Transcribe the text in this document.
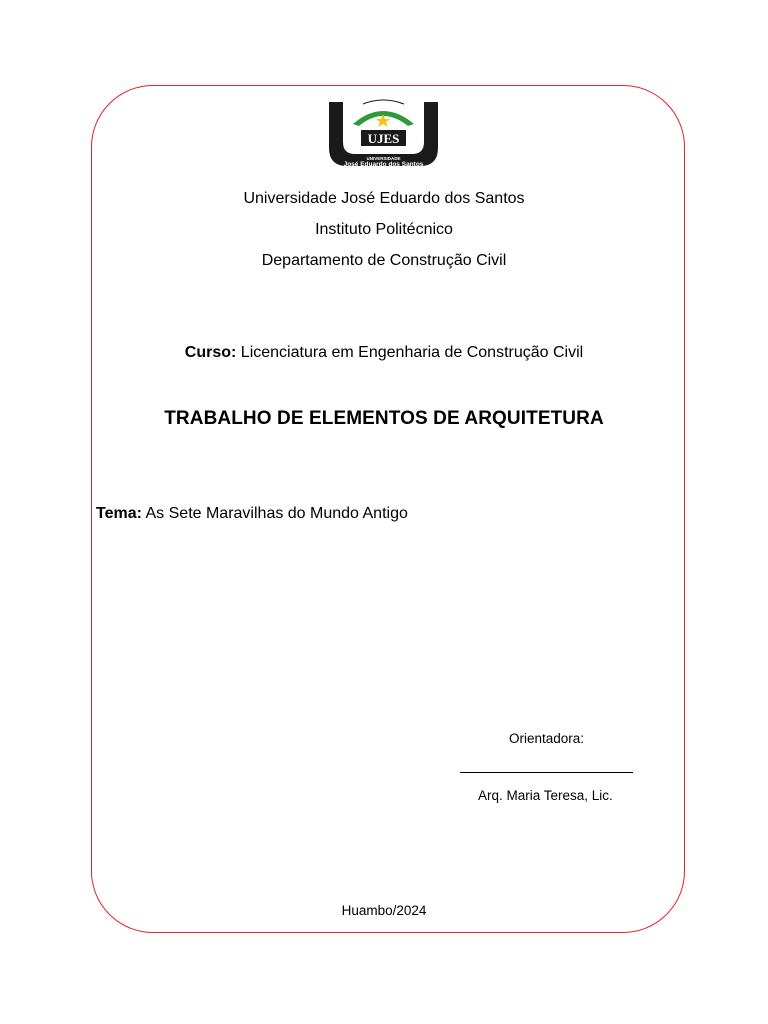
UJES
UNIVERSIDADE
José Eduardo dos Santos
Universidade José Eduardo dos Santos
Instituto Politécnico
Departamento de Construção Civil
Curso: Licenciatura em Engenharia de Construção Civil
TRABALHO DE ELEMENTOS DE ARQUITETURA
Tema: As Sete Maravilhas do Mundo Antigo
Orientadora:
Arq. Maria Teresa, Lic.
Huambo/2024
